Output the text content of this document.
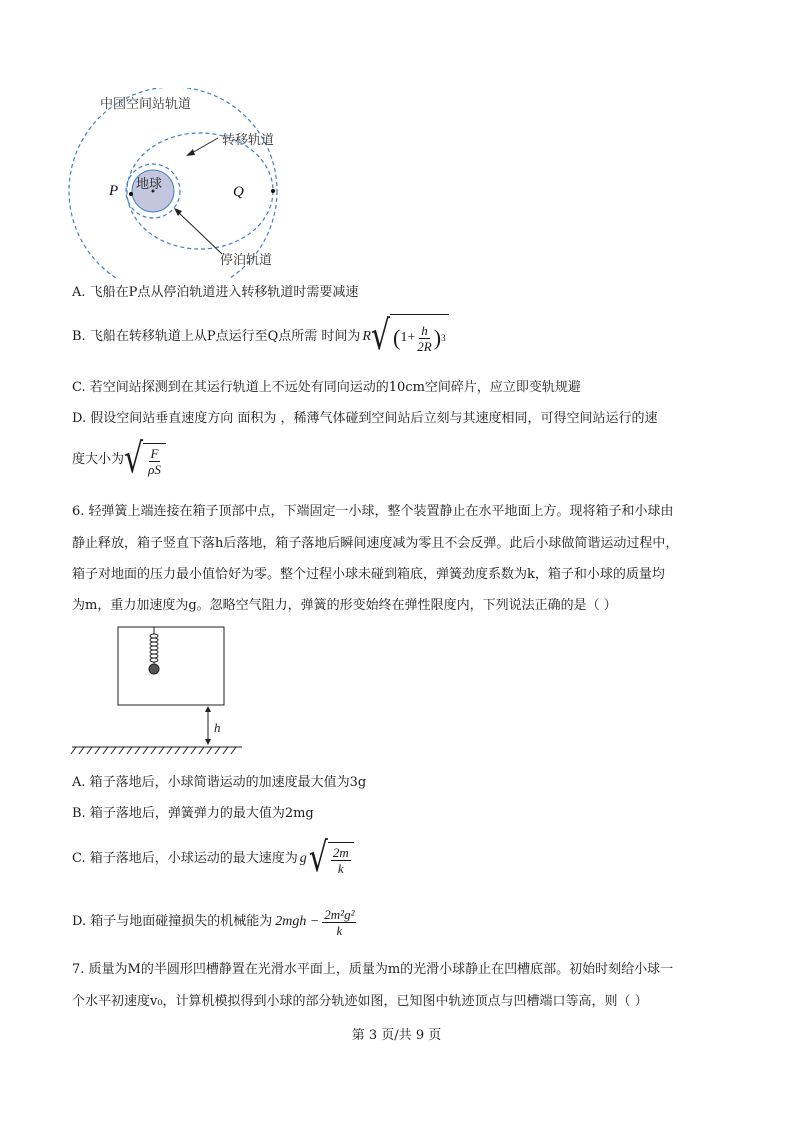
中国空间站轨道
地球
P	Q
转移轨道
停泊轨道
A. 飞船在P点从停泊轨道进入转移轨道时需要减速
B. 飞船在转移轨道上从P点运行至Q点所需 时间为 R √ ( $1+ \frac{h}{2R}$ ) 3
C. 若空间站探测到在其运行轨道上不远处有同向运动的10cm空间碎片，应立即变轨规避
D. 假设空间站垂直速度方向 面积为 ，稀薄气体碰到空间站后立刻与其速度相同，可得空间站运行的速
度大小为 √ $\frac{F}{\rho S}$
6. 轻弹簧上端连接在箱子顶部中点，下端固定一小球，整个装置静止在水平地面上方。现将箱子和小球由
静止释放，箱子竖直下落h后落地，箱子落地后瞬间速度减为零且不会反弹。此后小球做简谐运动过程中，
箱子对地面的压力最小值恰好为零。整个过程小球未碰到箱底，弹簧劲度系数为k，箱子和小球的质量均
为m，重力加速度为g。忽略空气阻力，弹簧的形变始终在弹性限度内，下列说法正确的是（ ）
h
A. 箱子落地后，小球简谐运动的加速度最大值为3g
B. 箱子落地后，弹簧弹力的最大值为2mg
C. 箱子落地后，小球运动的最大速度为 g √ $\frac{2m}{k}$
D. 箱子与地面碰撞损失的机械能为 $2mgh - \frac{\text{2m²g²}}{k}$
7. 质量为M的半圆形凹槽静置在光滑水平面上，质量为m的光滑小球静止在凹槽底部。初始时刻给小球一
个水平初速度v₀，计算机模拟得到小球的部分轨迹如图，已知图中轨迹顶点与凹槽端口等高，则（ ）
第 3 页/共 9 页
